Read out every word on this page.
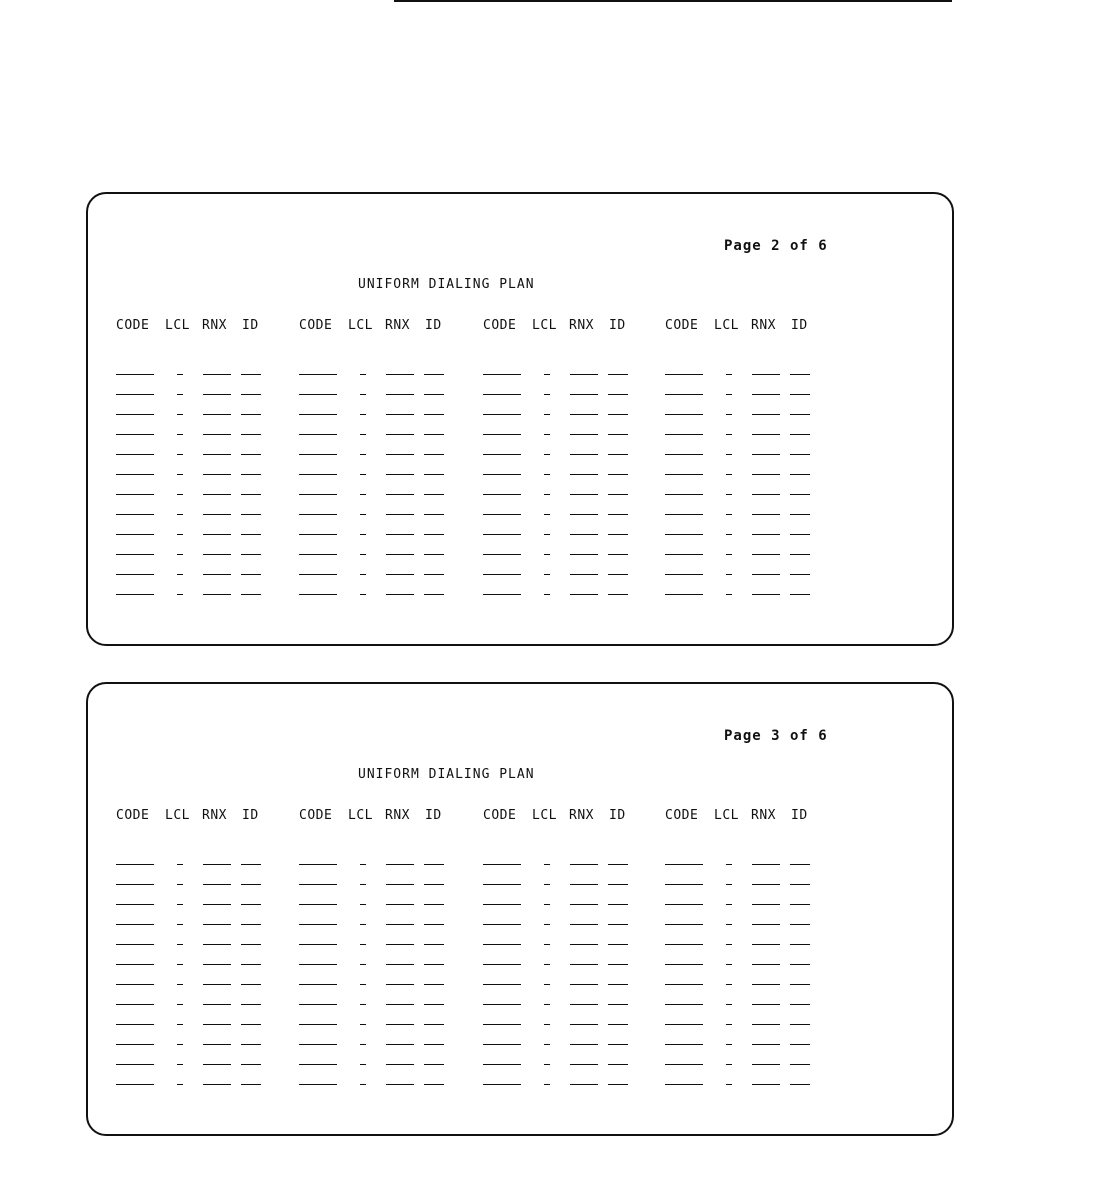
Page 2 of 6
UNIFORM DIALING PLAN
CODE LCL RNX ID	CODE LCL RNX ID	CODE LCL RNX ID	CODE LCL RNX ID
Page 3 of 6
UNIFORM DIALING PLAN
CODE LCL RNX ID	CODE LCL RNX ID	CODE LCL RNX ID	CODE LCL RNX ID
